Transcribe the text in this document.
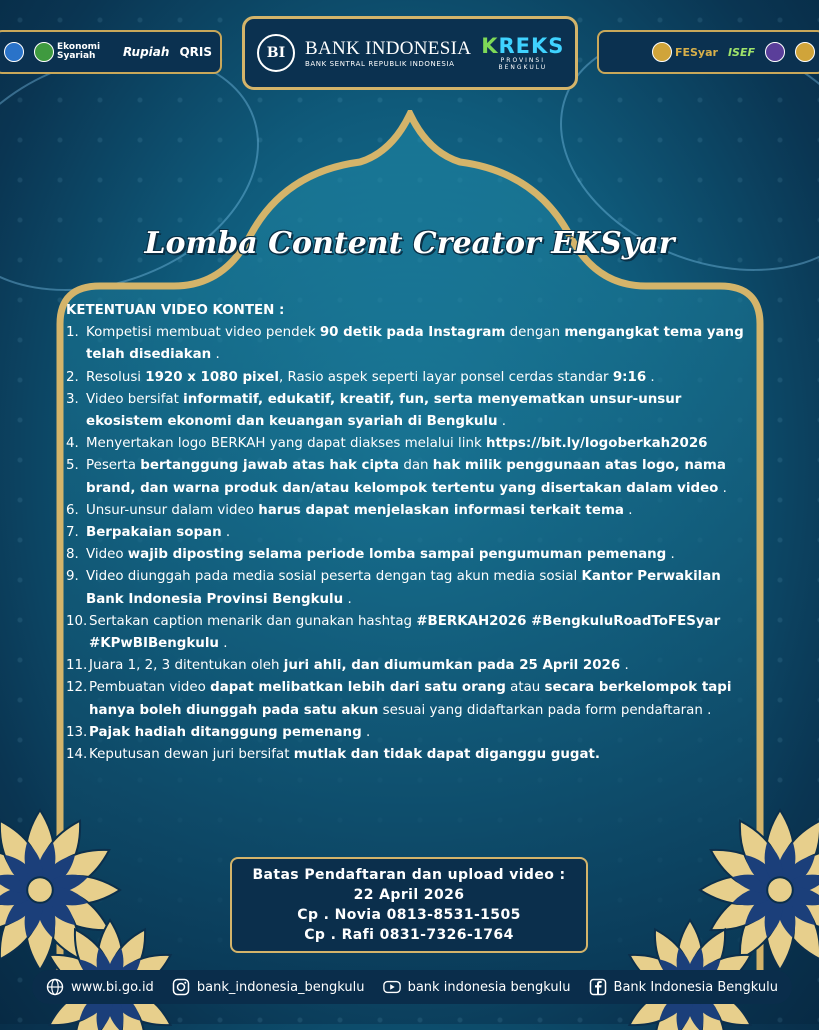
Ekonomi Syariah	Rupiah QRIS	BI	BANK INDONESIA
BANK SENTRAL REPUBLIK INDONESIA
KREKS
PROVINSI BENGKULU
FESyar ISEF
Lomba Content Creator EKSyar
KETENTUAN VIDEO KONTEN :
1. Kompetisi membuat video pendek 90 detik pada Instagram dengan mengangkat tema yang telah disediakan .
2. Resolusi 1920 x 1080 pixel, Rasio aspek seperti layar ponsel cerdas standar 9:16 .
3. Video bersifat informatif, edukatif, kreatif, fun, serta menyematkan unsur-unsur ekosistem ekonomi dan keuangan syariah di Bengkulu .
4. Menyertakan logo BERKAH yang dapat diakses melalui link https://bit.ly/logoberkah2026
5. Peserta bertanggung jawab atas hak cipta dan hak milik penggunaan atas logo, nama brand, dan warna produk dan/atau kelompok tertentu yang disertakan dalam video .
6. Unsur-unsur dalam video harus dapat menjelaskan informasi terkait tema .
7. Berpakaian sopan .
8. Video wajib diposting selama periode lomba sampai pengumuman pemenang .
9. Video diunggah pada media sosial peserta dengan tag akun media sosial Kantor Perwakilan Bank Indonesia Provinsi Bengkulu .
10. Sertakan caption menarik dan gunakan hashtag #BERKAH2026 #BengkuluRoadToFESyar #KPwBIBengkulu .
11. Juara 1, 2, 3 ditentukan oleh juri ahli, dan diumumkan pada 25 April 2026 .
12. Pembuatan video dapat melibatkan lebih dari satu orang atau secara berkelompok tapi hanya boleh diunggah pada satu akun sesuai yang didaftarkan pada form pendaftaran .
13. Pajak hadiah ditanggung pemenang .
14. Keputusan dewan juri bersifat mutlak dan tidak dapat diganggu gugat.
Batas Pendaftaran dan upload video :
22 April 2026
Cp . Novia 0813-8531-1505
Cp . Rafi 0831-7326-1764
www.bi.go.id	bank_indonesia_bengkulu	bank indonesia bengkulu	Bank Indonesia Bengkulu
